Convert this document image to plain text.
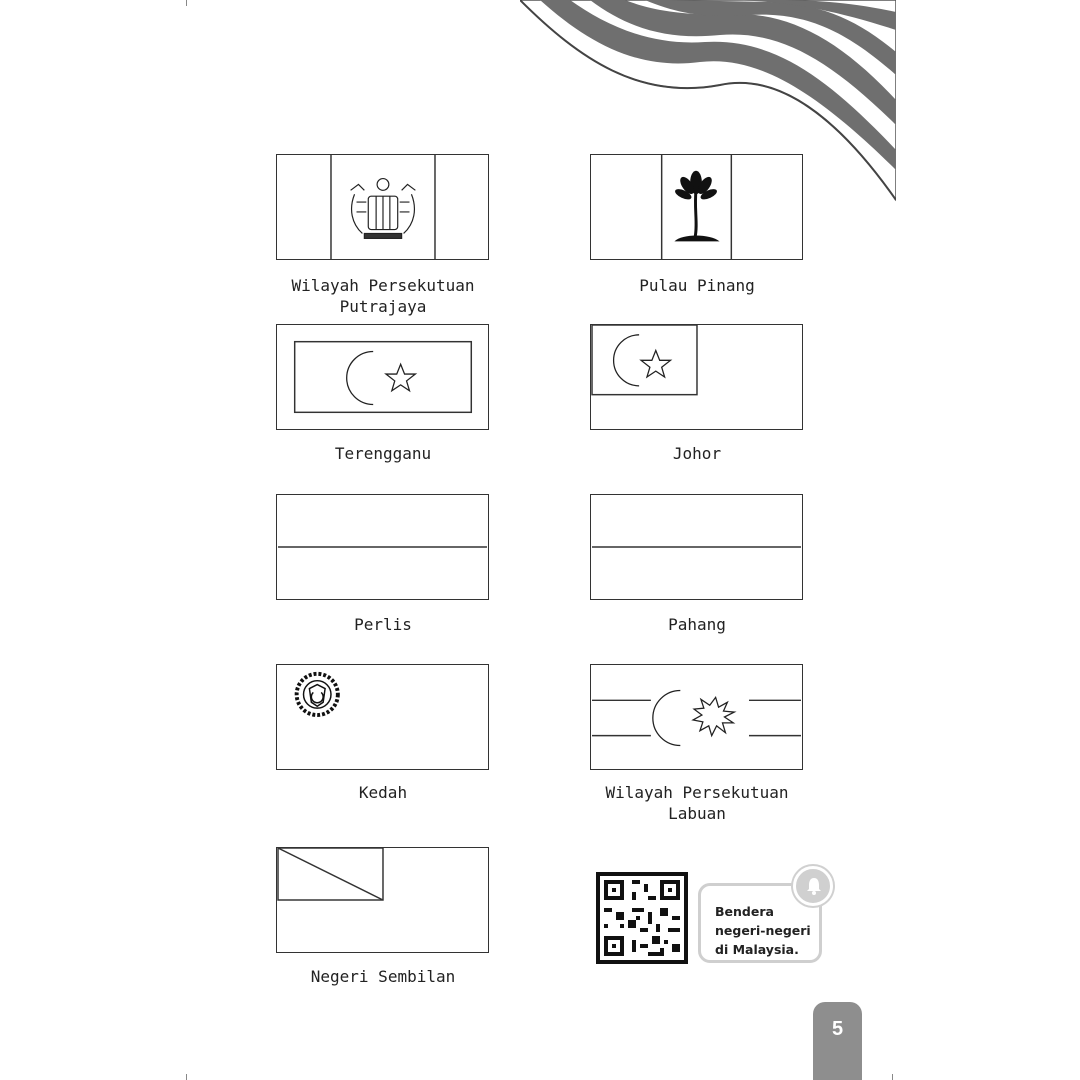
Wilayah Persekutuan
Putrajaya
Pulau Pinang
Terengganu	Johor
Perlis	Pahang
Kedah	Wilayah Persekutuan
Labuan
Negeri Sembilan
Bendera
negeri-negeri
di Malaysia.
5
